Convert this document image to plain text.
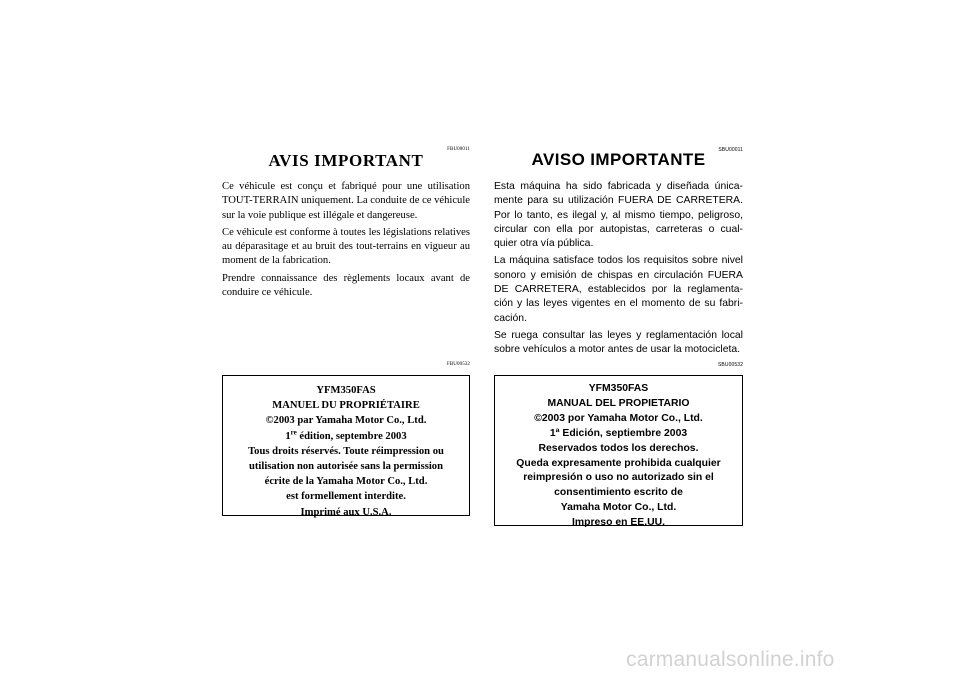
FBU00011
AVIS IMPORTANT

Ce véhicule est conçu et fabriqué pour une utilisation TOUT-TERRAIN uniquement. La conduite de ce véhicule sur la voie publique est illégale et dangereuse.

Ce véhicule est conforme à toutes les législations relatives au déparasitage et au bruit des tout-terrains en vigueur au moment de la fabrication.

Prendre connaissance des règlements locaux avant de conduire ce véhicule.

FBU00532
YFM350FAS
MANUEL DU PROPRIÉTAIRE
©2003 par Yamaha Motor Co., Ltd.
1re édition, septembre 2003
Tous droits réservés. Toute réimpression ou
utilisation non autorisée sans la permission
écrite de la Yamaha Motor Co., Ltd.
est formellement interdite.
Imprimé aux U.S.A.
SBU00011
AVISO IMPORTANTE

Esta máquina ha sido fabricada y diseñada única-mente para su utilización FUERA DE CARRETERA. Por lo tanto, es ilegal y, al mismo tiempo, peligroso, circular con ella por autopistas, carreteras o cual-quier otra vía pública.

La máquina satisface todos los requisitos sobre nivel sonoro y emisión de chispas en circulación FUERA DE CARRETERA, establecidos por la reglamenta-ción y las leyes vigentes en el momento de su fabri-cación.

Se ruega consultar las leyes y reglamentación local sobre vehículos a motor antes de usar la motocicleta.

SBU00532
YFM350FAS
MANUAL DEL PROPIETARIO
©2003 por Yamaha Motor Co., Ltd.
1ª Edición, septiembre 2003
Reservados todos los derechos.
Queda expresamente prohibida cualquier
reimpresión o uso no autorizado sin el
consentimiento escrito de
Yamaha Motor Co., Ltd.
Impreso en EE.UU.
carmanualsonline.info
